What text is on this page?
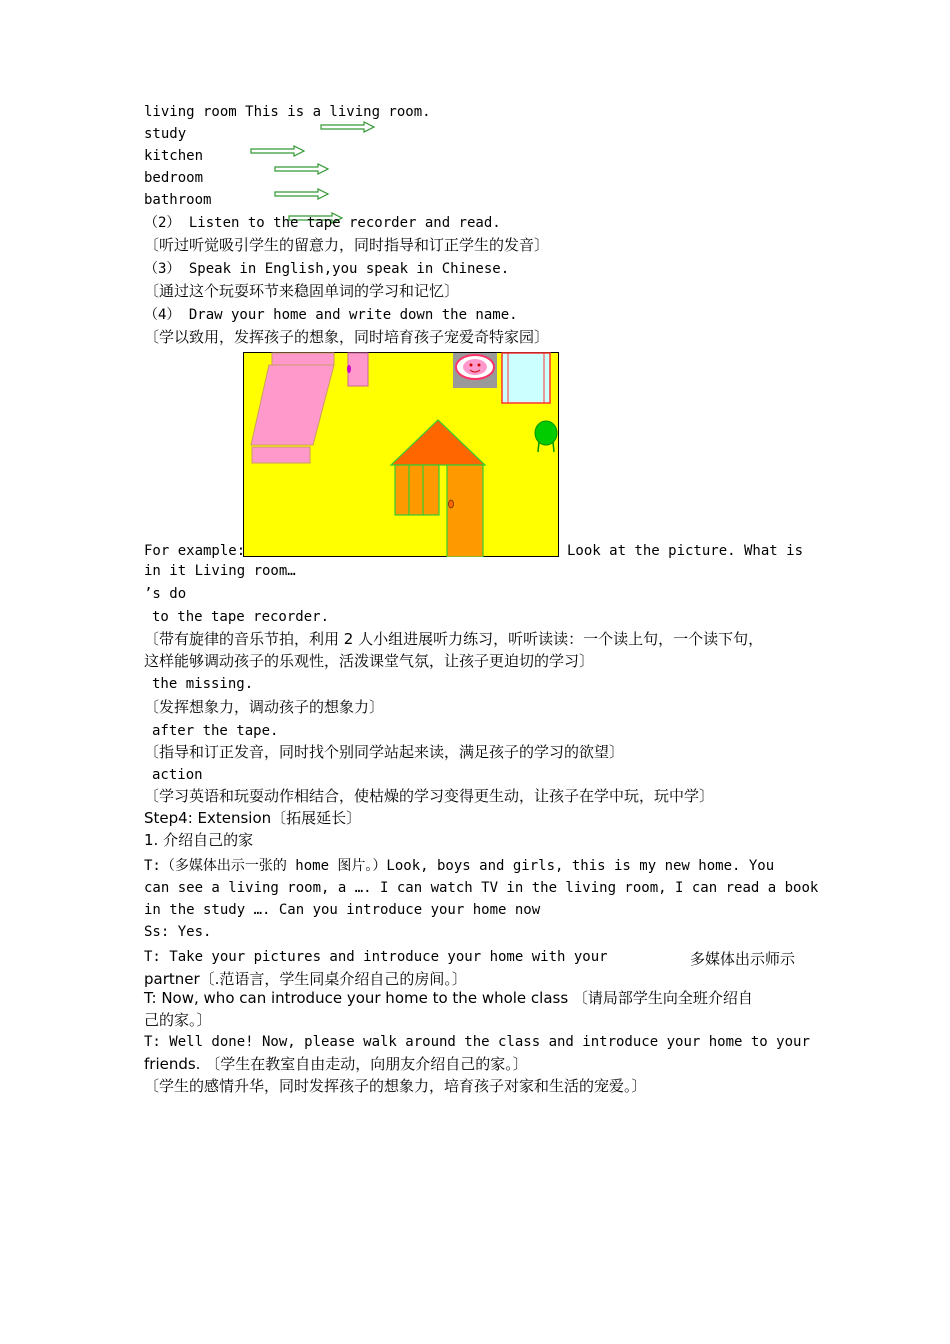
living room This is a living room.
study
kitchen
bedroom
bathroom
（2） Listen to the tape recorder and read.
〔听过听觉吸引学生的留意力，同时指导和订正学生的发音〕
（3） Speak in English,you speak in Chinese.
〔通过这个玩耍环节来稳固单词的学习和记忆〕
（4） Draw your home and write down the name.
〔学以致用，发挥孩子的想象，同时培育孩子宠爱奇特家园〕
For example:	Look at the picture. What is
in it Living room…
’s do
to the tape recorder.
〔带有旋律的音乐节拍，利用 2 人小组进展听力练习，听听读读：一个读上句，一个读下句，
这样能够调动孩子的乐观性，活泼课堂气氛，让孩子更迫切的学习〕
the missing.
〔发挥想象力，调动孩子的想象力〕
after the tape.
〔指导和订正发音，同时找个别同学站起来读，满足孩子的学习的欲望〕
action
〔学习英语和玩耍动作相结合，使枯燥的学习变得更生动，让孩子在学中玩，玩中学〕
Step4: Extension〔拓展延长〕
1. 介绍自己的家
T:（多媒体出示一张的 home 图片。）Look, boys and girls, this is my new home. You
can see a living room, a …. I can watch TV in the living room, I can read a book
in the study …. Can you introduce your home now
Ss: Yes.
T: Take your pictures and introduce your home with your	多媒体出示师示
partner〔.范语言，学生同桌介绍自己的房间。〕
T: Now, who can introduce your home to the whole class 〔请局部学生向全班介绍自
己的家。〕
T: Well done! Now, please walk around the class and introduce your home to your
friends. 〔学生在教室自由走动，向朋友介绍自己的家。〕
〔学生的感情升华，同时发挥孩子的想象力，培育孩子对家和生活的宠爱。〕
